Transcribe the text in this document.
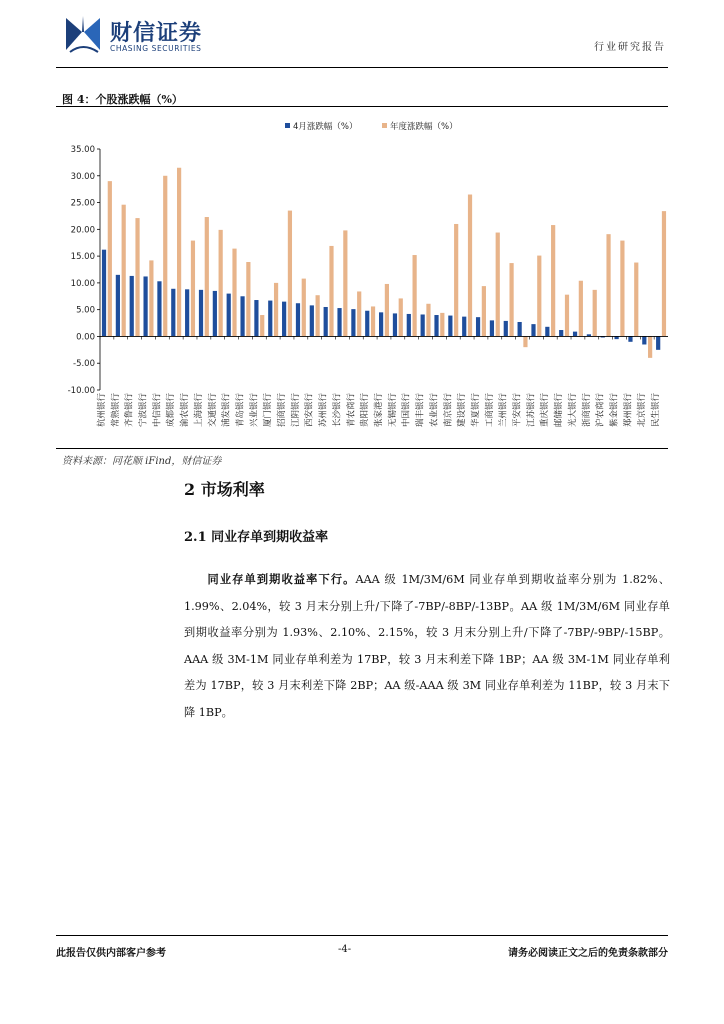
财信证券
CHASING SECURITIES	行业研究报告
图 4：个股涨跌幅（%）
4月涨跌幅（%）	年度涨跌幅（%）
35.00
30.00
25.00
20.00
15.00
10.00
5.00
0.00
-5.00
-10.00
杭州银行 常熟银行 齐鲁银行 宁波银行 中信银行 成都银行 渝农银行 上海银行 交通银行 浦发银行 青岛银行 兴业银行 厦门银行 招商银行 江阴银行 西安银行 苏州银行 长沙银行 青农商行 贵阳银行 张家港行 无锡银行 中国银行 瑞丰银行 农业银行 南京银行 建设银行 华夏银行 工商银行 兰州银行 平安银行 江苏银行 重庆银行 邮储银行 光大银行 浙商银行 沪农商行 紫金银行 郑州银行 北京银行 民生银行
资料来源：同花顺 iFind，财信证券
2 市场利率
2.1 同业存单到期收益率
  同业存单到期收益率下行。AAA 级 1M/3M/6M 同业存单到期收益率分别为 1.82%、1.99%、2.04%，较 3 月末分别上升/下降了-7BP/-8BP/-13BP。AA 级 1M/3M/6M 同业存单到期收益率分别为 1.93%、2.10%、2.15%，较 3 月末分别上升/下降了-7BP/-9BP/-15BP。AAA 级 3M-1M 同业存单利差为 17BP，较 3 月末利差下降 1BP；AA 级 3M-1M 同业存单利差为 17BP，较 3 月末利差下降 2BP；AA 级-AAA 级 3M 同业存单利差为 11BP，较 3 月末下降 1BP。
此报告仅供内部客户参考	-4-	请务必阅读正文之后的免责条款部分
